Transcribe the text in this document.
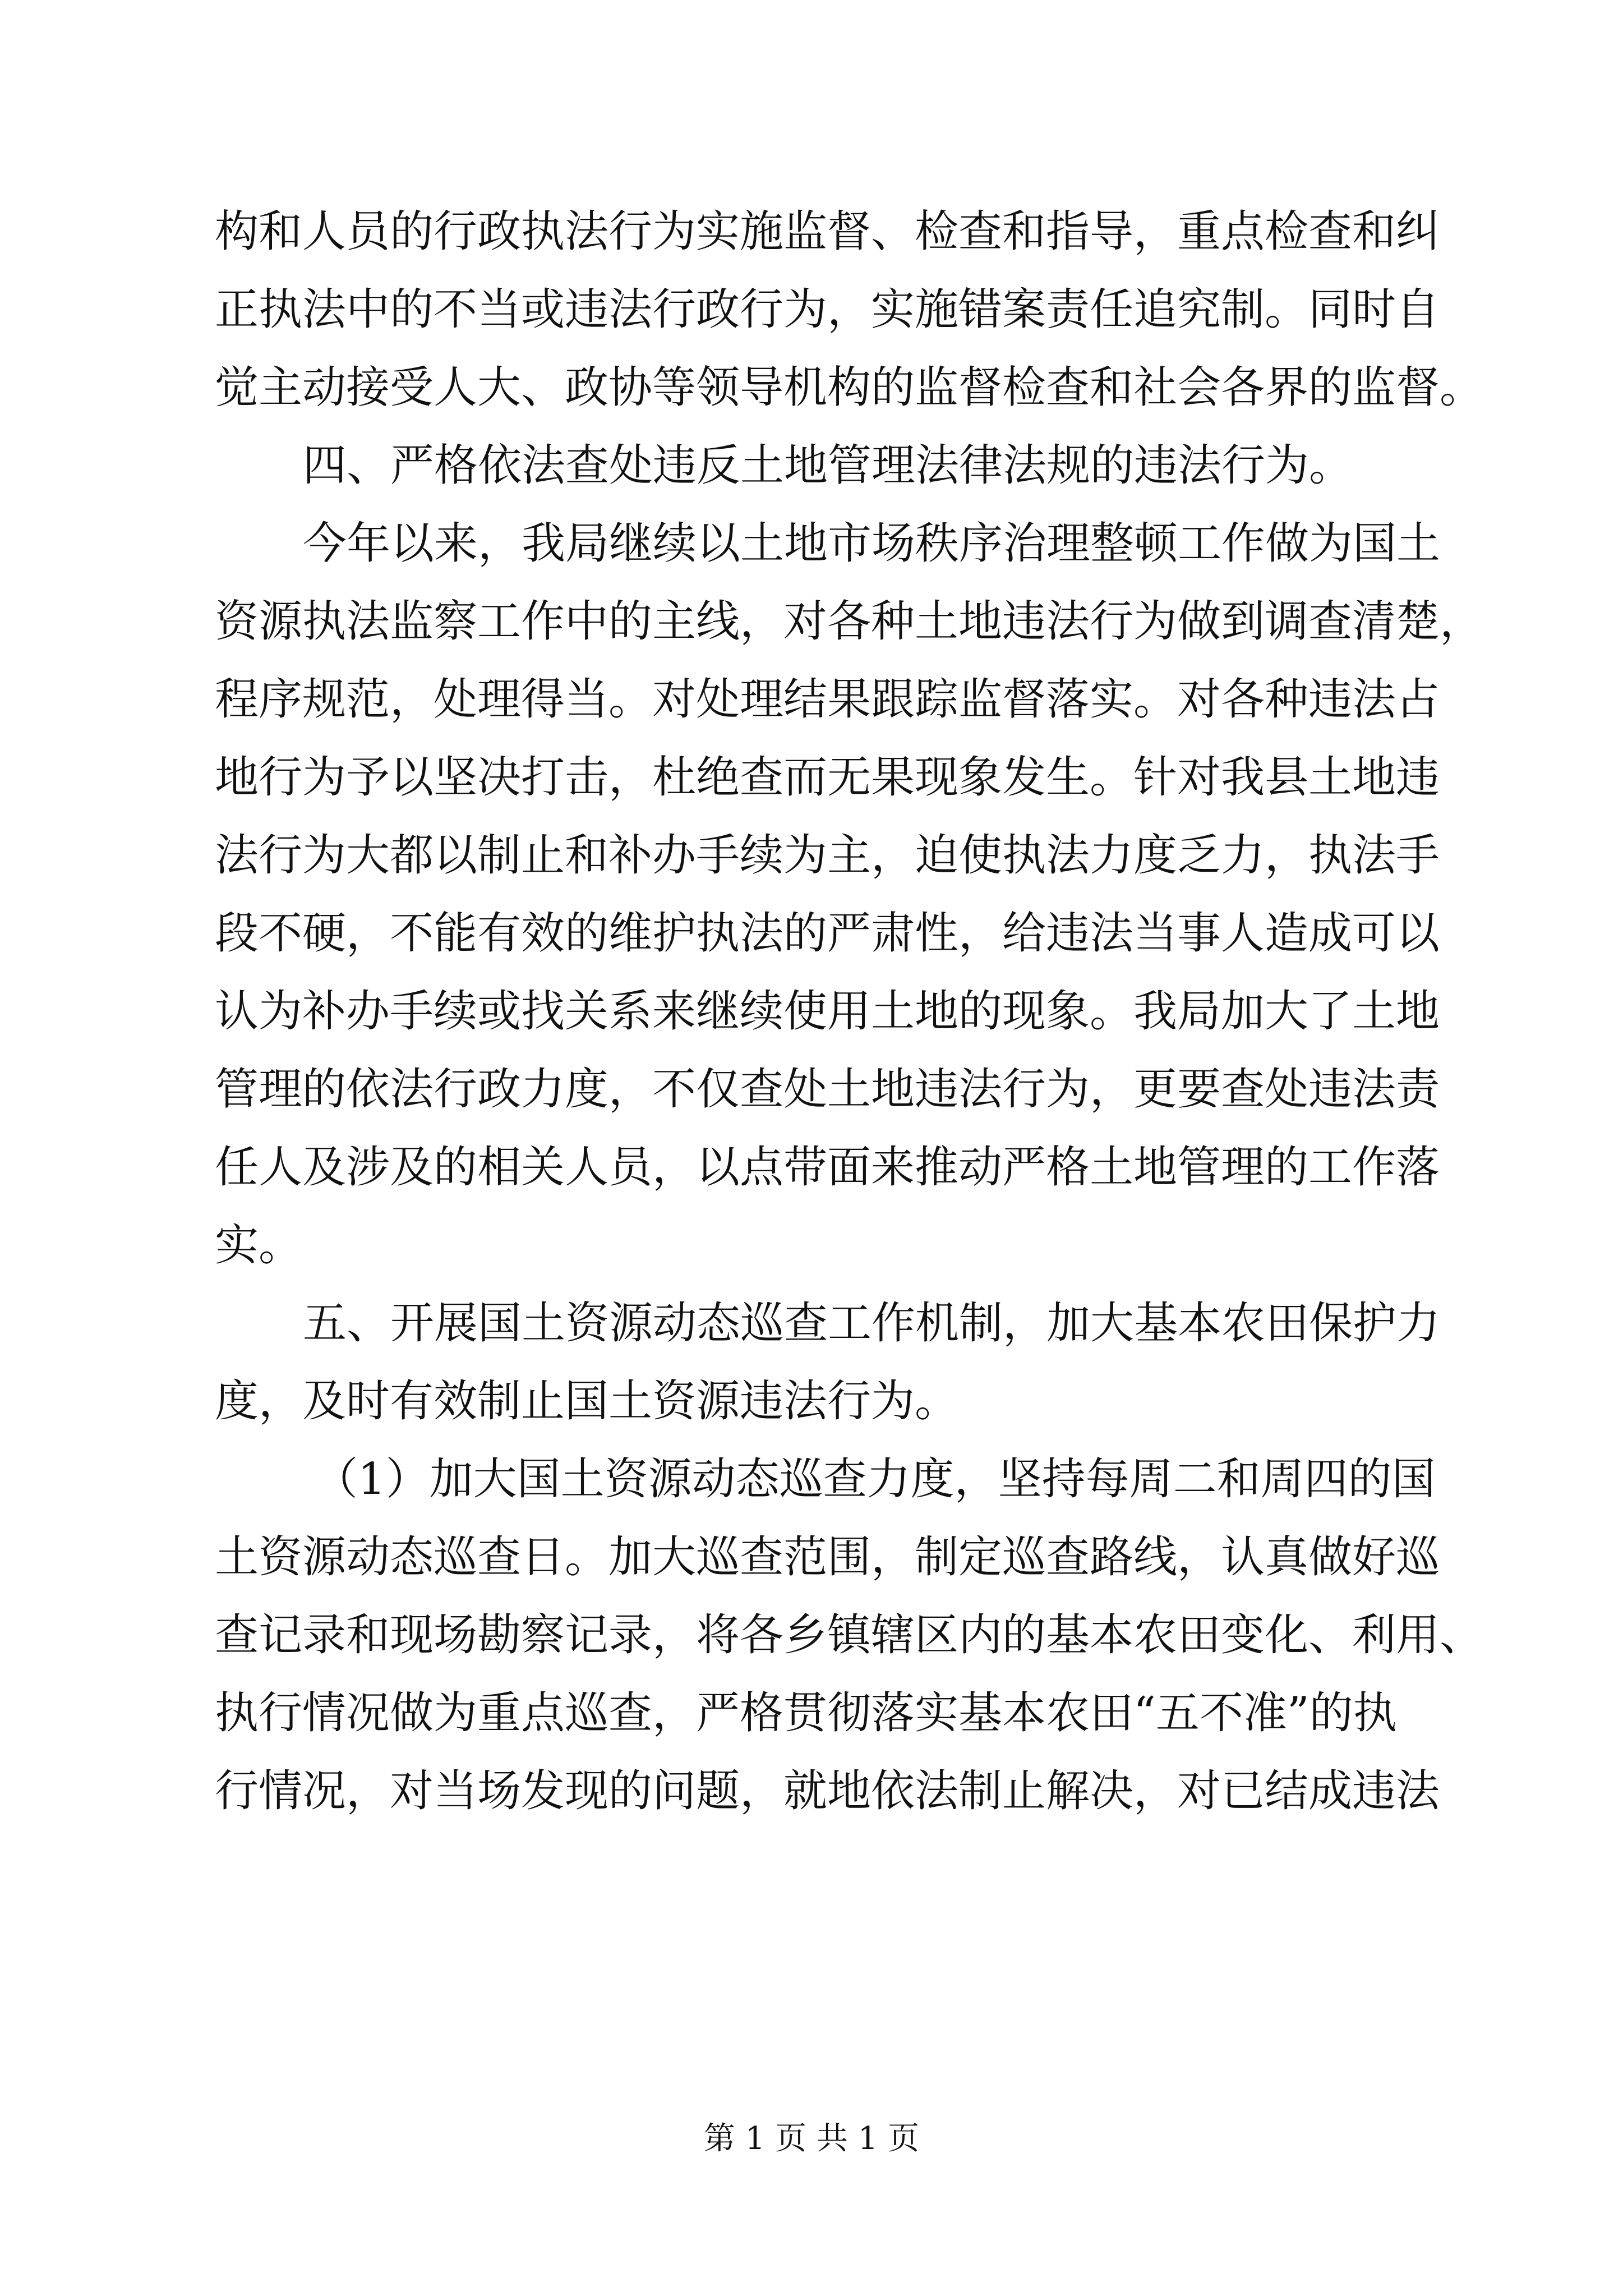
构和人员的行政执法行为实施监督、检查和指导，重点检查和纠
正执法中的不当或违法行政行为，实施错案责任追究制。同时自
觉主动接受人大、政协等领导机构的监督检查和社会各界的监督。
四、严格依法查处违反土地管理法律法规的违法行为。
今年以来，我局继续以土地市场秩序治理整顿工作做为国土
资源执法监察工作中的主线，对各种土地违法行为做到调查清楚，
程序规范，处理得当。对处理结果跟踪监督落实。对各种违法占
地行为予以坚决打击，杜绝查而无果现象发生。针对我县土地违
法行为大都以制止和补办手续为主，迫使执法力度乏力，执法手
段不硬，不能有效的维护执法的严肃性，给违法当事人造成可以
认为补办手续或找关系来继续使用土地的现象。我局加大了土地
管理的依法行政力度，不仅查处土地违法行为，更要查处违法责
任人及涉及的相关人员，以点带面来推动严格土地管理的工作落
实。
五、开展国土资源动态巡查工作机制，加大基本农田保护力
度，及时有效制止国土资源违法行为。
（1）加大国土资源动态巡查力度，坚持每周二和周四的国
土资源动态巡查日。加大巡查范围，制定巡查路线，认真做好巡
查记录和现场勘察记录，将各乡镇辖区内的基本农田变化、利用、
执行情况做为重点巡查，严格贯彻落实基本农田“五不准”的执
行情况，对当场发现的问题，就地依法制止解决，对已结成违法
第 1 页 共 1 页
